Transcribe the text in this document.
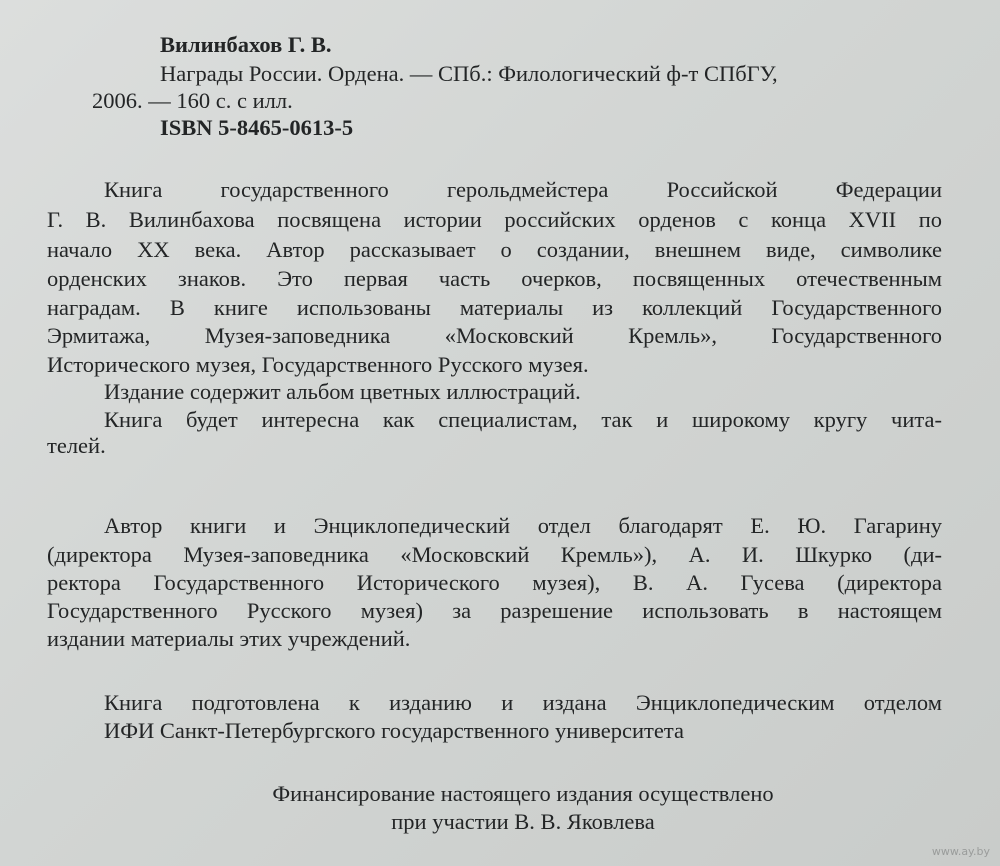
Вилинбахов Г. В.
Награды России. Ордена. — СПб.: Филологический ф-т СПбГУ,
2006. — 160 с. с илл.
ISBN 5-8465-0613-5
Книга государственного герольдмейстера Российской Федерации
Г. В. Вилинбахова посвящена истории российских орденов с конца XVII по
начало XX века. Автор рассказывает о создании, внешнем виде, символике
орденских знаков. Это первая часть очерков, посвященных отечественным
наградам. В книге использованы материалы из коллекций Государственного
Эрмитажа, Музея-заповедника «Московский Кремль», Государственного
Исторического музея, Государственного Русского музея.
Издание содержит альбом цветных иллюстраций.
Книга будет интересна как специалистам, так и широкому кругу чита-
телей.
Автор книги и Энциклопедический отдел благодарят Е. Ю. Гагарину
(директора Музея-заповедника «Московский Кремль»), А. И. Шкурко (ди-
ректора Государственного Исторического музея), В. А. Гусева (директора
Государственного Русского музея) за разрешение использовать в настоящем
издании материалы этих учреждений.
Книга подготовлена к изданию и издана Энциклопедическим отделом
ИФИ Санкт-Петербургского государственного университета
Финансирование настоящего издания осуществлено
при участии В. В. Яковлева
www.ay.by
